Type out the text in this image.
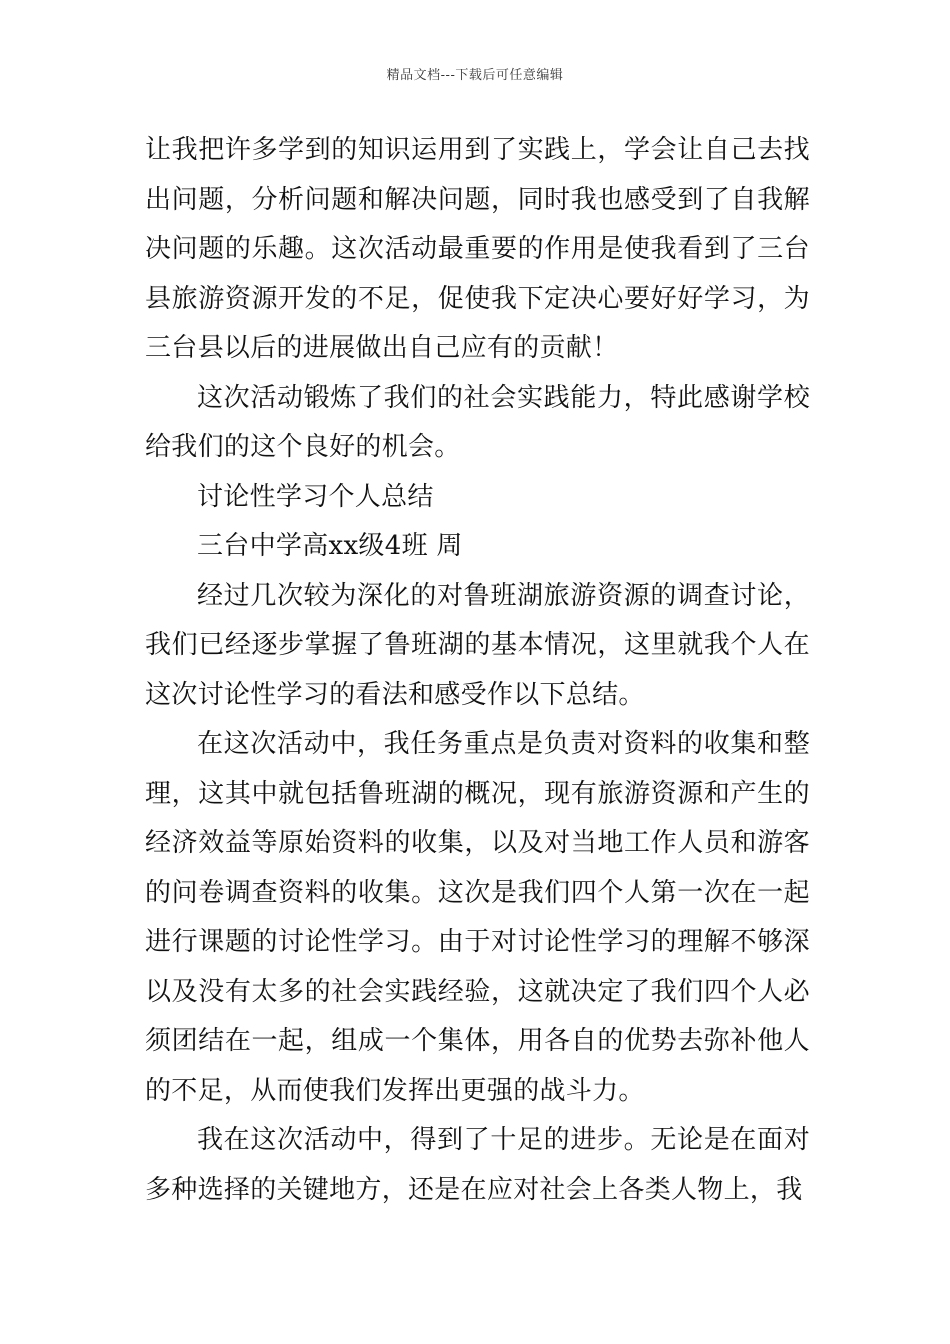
精品文档---下载后可任意编辑

让我把许多学到的知识运用到了实践上，学会让自己去找出问题，分析问题和解决问题，同时我也感受到了自我解决问题的乐趣。这次活动最重要的作用是使我看到了三台县旅游资源开发的不足，促使我下定决心要好好学习，为三台县以后的进展做出自己应有的贡献！

这次活动锻炼了我们的社会实践能力，特此感谢学校给我们的这个良好的机会。

讨论性学习个人总结

三台中学高xx级4班 周

经过几次较为深化的对鲁班湖旅游资源的调查讨论，我们已经逐步掌握了鲁班湖的基本情况，这里就我个人在这次讨论性学习的看法和感受作以下总结。

在这次活动中，我任务重点是负责对资料的收集和整理，这其中就包括鲁班湖的概况，现有旅游资源和产生的经济效益等原始资料的收集，以及对当地工作人员和游客的问卷调查资料的收集。这次是我们四个人第一次在一起进行课题的讨论性学习。由于对讨论性学习的理解不够深以及没有太多的社会实践经验，这就决定了我们四个人必须团结在一起，组成一个集体，用各自的优势去弥补他人的不足，从而使我们发挥出更强的战斗力。

我在这次活动中，得到了十足的进步。无论是在面对多种选择的关键地方，还是在应对社会上各类人物上，我
